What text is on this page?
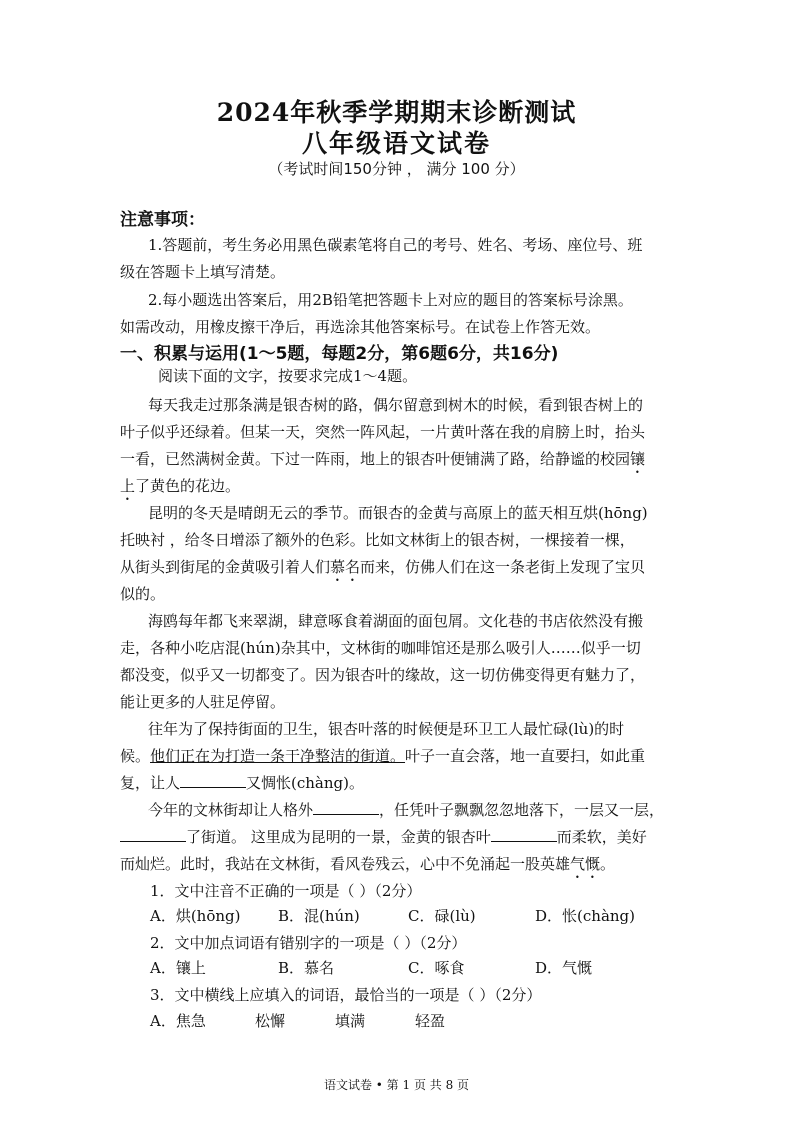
2024年秋季学期期末诊断测试
八年级语文试卷
（考试时间150分钟 ， 满分 100 分）
注意事项：
1.答题前，考生务必用黑色碳素笔将自己的考号、姓名、考场、座位号、班
级在答题卡上填写清楚。
2.每小题选出答案后，用2B铅笔把答题卡上对应的题目的答案标号涂黑。
如需改动，用橡皮擦干净后，再选涂其他答案标号。在试卷上作答无效。
一、积累与运用(1～5题，每题2分，第6题6分，共16分)
阅读下面的文字，按要求完成1～4题。
每天我走过那条满是银杏树的路，偶尔留意到树木的时候，看到银杏树上的
叶子似乎还绿着。但某一天，突然一阵风起，一片黄叶落在我的肩膀上时，抬头
一看，已然满树金黄。下过一阵雨，地上的银杏叶便铺满了路，给静谧的校园镶
上了黄色的花边。
昆明的冬天是晴朗无云的季节。而银杏的金黄与高原上的蓝天相互烘(hōng)
托映衬 ，给冬日增添了额外的色彩。比如文林街上的银杏树，一棵接着一棵，
从街头到街尾的金黄吸引着人们慕名而来，仿佛人们在这一条老街上发现了宝贝
似的。
海鸥每年都飞来翠湖，肆意啄食着湖面的面包屑。文化巷的书店依然没有搬
走，各种小吃店混(hún)杂其中，文林街的咖啡馆还是那么吸引人……似乎一切
都没变，似乎又一切都变了。因为银杏叶的缘故，这一切仿佛变得更有魅力了，
能让更多的人驻足停留。
往年为了保持街面的卫生，银杏叶落的时候便是环卫工人最忙碌(lù)的时
候。他们正在为打造一条干净整洁的街道。叶子一直会落，地一直要扫，如此重
复，让人	又惆怅(chàng)。
今年的文林街却让人格外	，任凭叶子飘飘忽忽地落下，一层又一层，
了街道。 这里成为昆明的一景，金黄的银杏叶	而柔软，美好
而灿烂。此时，我站在文林街，看风卷残云，心中不免涌起一股英雄气慨。
1．文中注音不正确的一项是（ ）（2分）
A．烘(hōng)	B．混(hún)	C．碌(lù)	D．怅(chàng)
2．文中加点词语有错别字的一项是（ ）（2分）
A．镶上	B．慕名	C．啄食	D．气慨
3．文中横线上应填入的词语，最恰当的一项是（ ）（2分）
A．焦急	松懈	填满	轻盈
语文试卷 • 第 1 页 共 8 页
